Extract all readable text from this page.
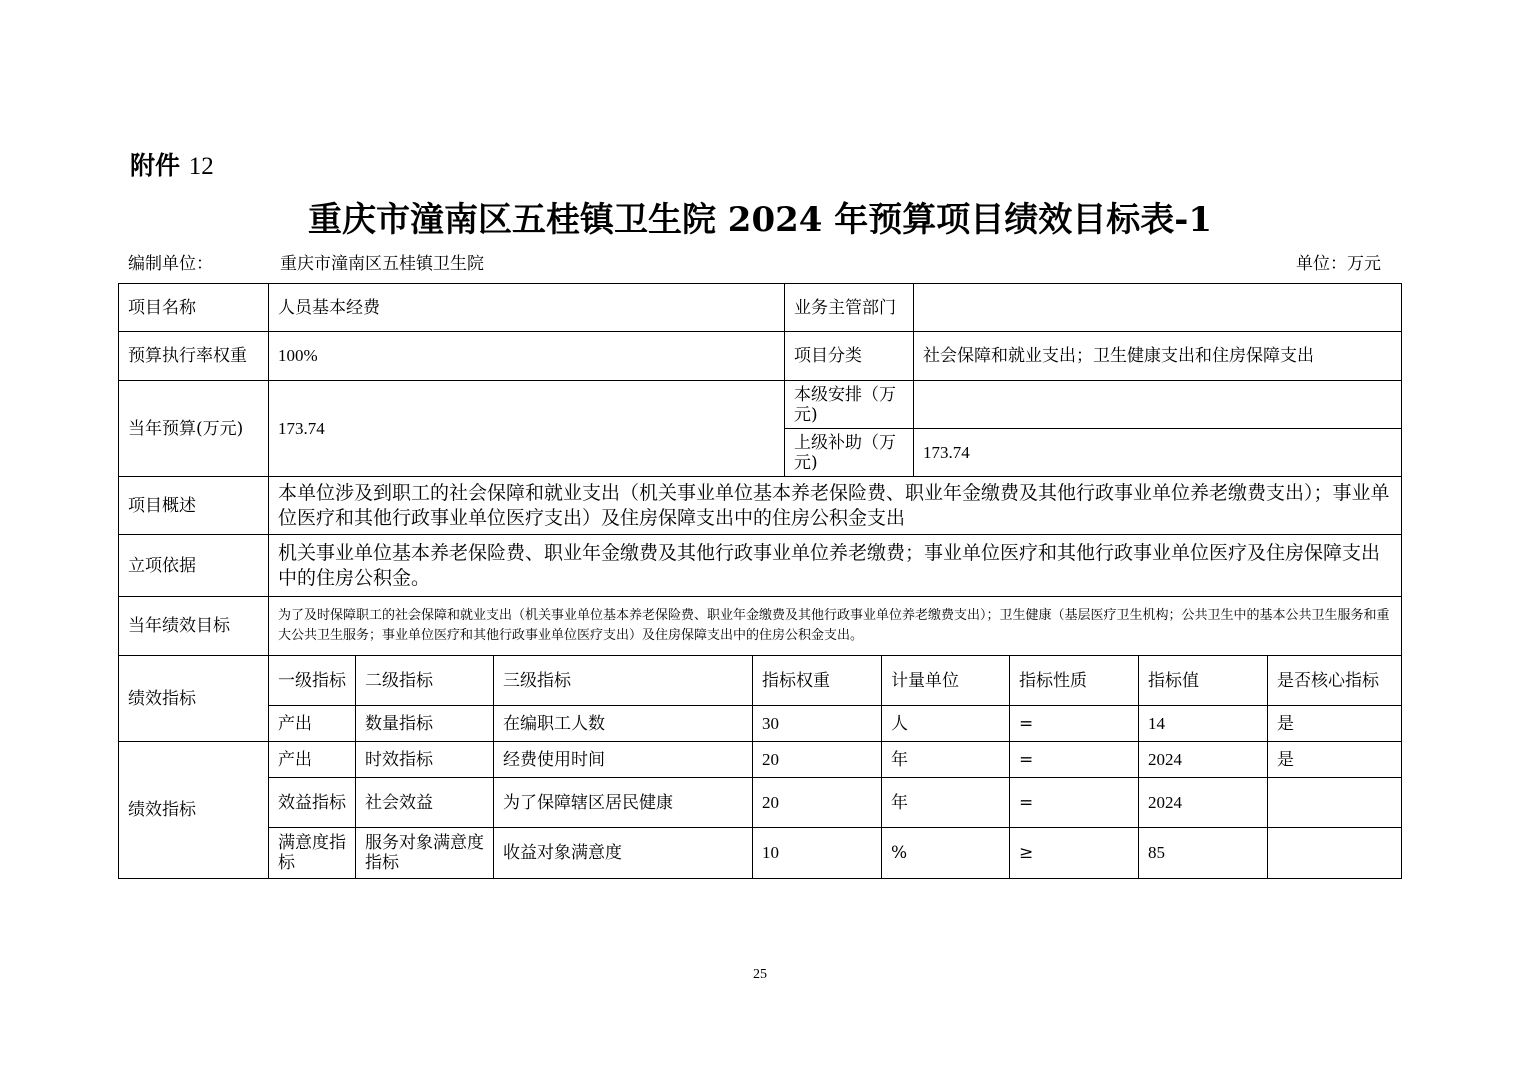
附件 12
重庆市潼南区五桂镇卫生院 2024 年预算项目绩效目标表-1
编制单位：	重庆市潼南区五桂镇卫生院	单位：万元
项目名称	人员基本经费				业务主管部门					
预算执行率权重	100%				项目分类		社会保障和就业支出；卫生健康支出和住房保障支出			
当年预算(万元)	173.74				本级安排（万元)					
					上级补助（万元)		173.74			
项目概述	本单位涉及到职工的社会保障和就业支出（机关事业单位基本养老保险费、职业年金缴费及其他行政事业单位养老缴费支出）；事业单位医疗和其他行政事业单位医疗支出）及住房保障支出中的住房公积金支出									
立项依据	机关事业单位基本养老保险费、职业年金缴费及其他行政事业单位养老缴费；事业单位医疗和其他行政事业单位医疗及住房保障支出中的住房公积金。									
当年绩效目标	为了及时保障职工的社会保障和就业支出（机关事业单位基本养老保险费、职业年金缴费及其他行政事业单位养老缴费支出）；卫生健康（基层医疗卫生机构；公共卫生中的基本公共卫生服务和重大公共卫生服务；事业单位医疗和其他行政事业单位医疗支出）及住房保障支出中的住房公积金支出。									
绩效指标	一级指标	二级指标	三级指标	指标权重		计量单位		指标性质	指标值	是否核心指标
	产出	数量指标	在编职工人数	30		人		=	14	是
绩效指标	产出	时效指标	经费使用时间	20		年		=	2024	是
	效益指标	社会效益	为了保障辖区居民健康	20		年		=	2024	
	满意度指标	服务对象满意度指标	收益对象满意度	10		%		≥	85	
25
